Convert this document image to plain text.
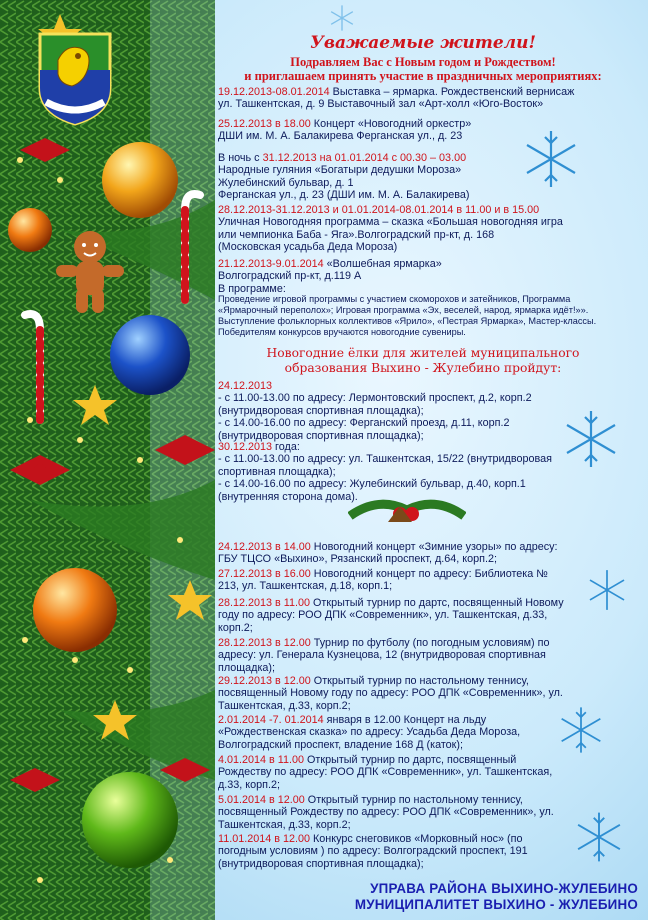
Уважаемые жители!
Подравляем Вас с Новым годом и Рождеством!
и приглашаем принять участие в праздничных мероприятиях:
19.12.2013-08.01.2014 Выставка – ярмарка. Рождественский вернисаж
ул. Ташкентская, д. 9 Выставочный зал «Арт-холл «Юго-Восток»
25.12.2013 в 18.00 Концерт «Новогодний оркестр»
ДШИ им. М. А. Балакирева Ферганская ул., д. 23
В ночь с 31.12.2013 на 01.01.2014 с 00.30 – 03.00
Народные гуляния «Богатыри дедушки Мороза»
Жулебинский бульвар, д. 1
Ферганская ул., д. 23 (ДШИ им. М. А. Балакирева)
28.12.2013-31.12.2013 и 01.01.2014-08.01.2014 в 11.00 и в 15.00
Уличная Новогодняя программа – сказка «Большая новогодняя игра
или чемпионка Баба - Яга».Волгоградский пр-кт, д. 168
(Московская усадьба Деда Мороза)
21.12.2013-9.01.2014 «Волшебная ярмарка»
Волгоградский пр-кт, д.119 А
В программе:
Проведение игровой программы с участием скоморохов и затейников, Программа «Ярмарочный переполох»; Игровая программа «Эх, веселей, народ, ярмарка идёт!»». Выступление фольклорных коллективов «Ярило», «Пестрая Ярмарка», Мастер-классы. Победителям конкурсов вручаются новогодние сувениры.
Новогодние ёлки для жителей муниципального
образования Выхино - Жулебино пройдут:
24.12.2013
- с 11.00-13.00 по адресу: Лермонтовский проспект, д.2, корп.2
(внутридворовая спортивная площадка);
- с 14.00-16.00 по адресу: Ферганский проезд, д.11, корп.2
(внутридворовая спортивная площадка);
30.12.2013 года:
- с 11.00-13.00 по адресу: ул. Ташкентская, 15/22 (внутридворовая
спортивная площадка);
- с 14.00-16.00 по адресу: Жулебинский бульвар, д.40, корп.1
(внутренняя сторона дома).
24.12.2013 в 14.00 Новогодний концерт «Зимние узоры» по адресу:
ГБУ ТЦСО «Выхино», Рязанский проспект, д.64, корп.2;
27.12.2013 в 16.00 Новогодний концерт по адресу: Библиотека №
213, ул. Ташкентская, д.18, корп.1;
28.12.2013 в 11.00 Открытый турнир по дартс, посвященный Новому
году по адресу: РОО ДПК «Современник», ул. Ташкентская, д.33,
корп.2;
28.12.2013 в 12.00 Турнир по футболу (по погодным условиям) по
адресу: ул. Генерала Кузнецова, 12 (внутридворовая спортивная
площадка);
29.12.2013 в 12.00 Открытый турнир по настольному теннису,
посвященный Новому году по адресу: РОО ДПК «Современник», ул.
Ташкентская, д.33, корп.2;
2.01.2014 -7. 01.2014 января в 12.00 Концерт на льду
«Рождественская сказка» по адресу: Усадьба Деда Мороза,
Волгоградский проспект, владение 168 Д (каток);
4.01.2014 в 11.00 Открытый турнир по дартс, посвященный
Рождеству по адресу: РОО ДПК «Современник», ул. Ташкентская,
д.33, корп.2;
5.01.2014 в 12.00 Открытый турнир по настольному теннису,
посвященный Рождеству по адресу: РОО ДПК «Современник», ул.
Ташкентская, д.33, корп.2;
11.01.2014 в 12.00 Конкурс снеговиков «Морковный нос» (по
погодным условиям ) по адресу: Волгоградский проспект, 191
(внутридворовая спортивная площадка);
УПРАВА РАЙОНА ВЫХИНО-ЖУЛЕБИНО
МУНИЦИПАЛИТЕТ ВЫХИНО - ЖУЛЕБИНО
